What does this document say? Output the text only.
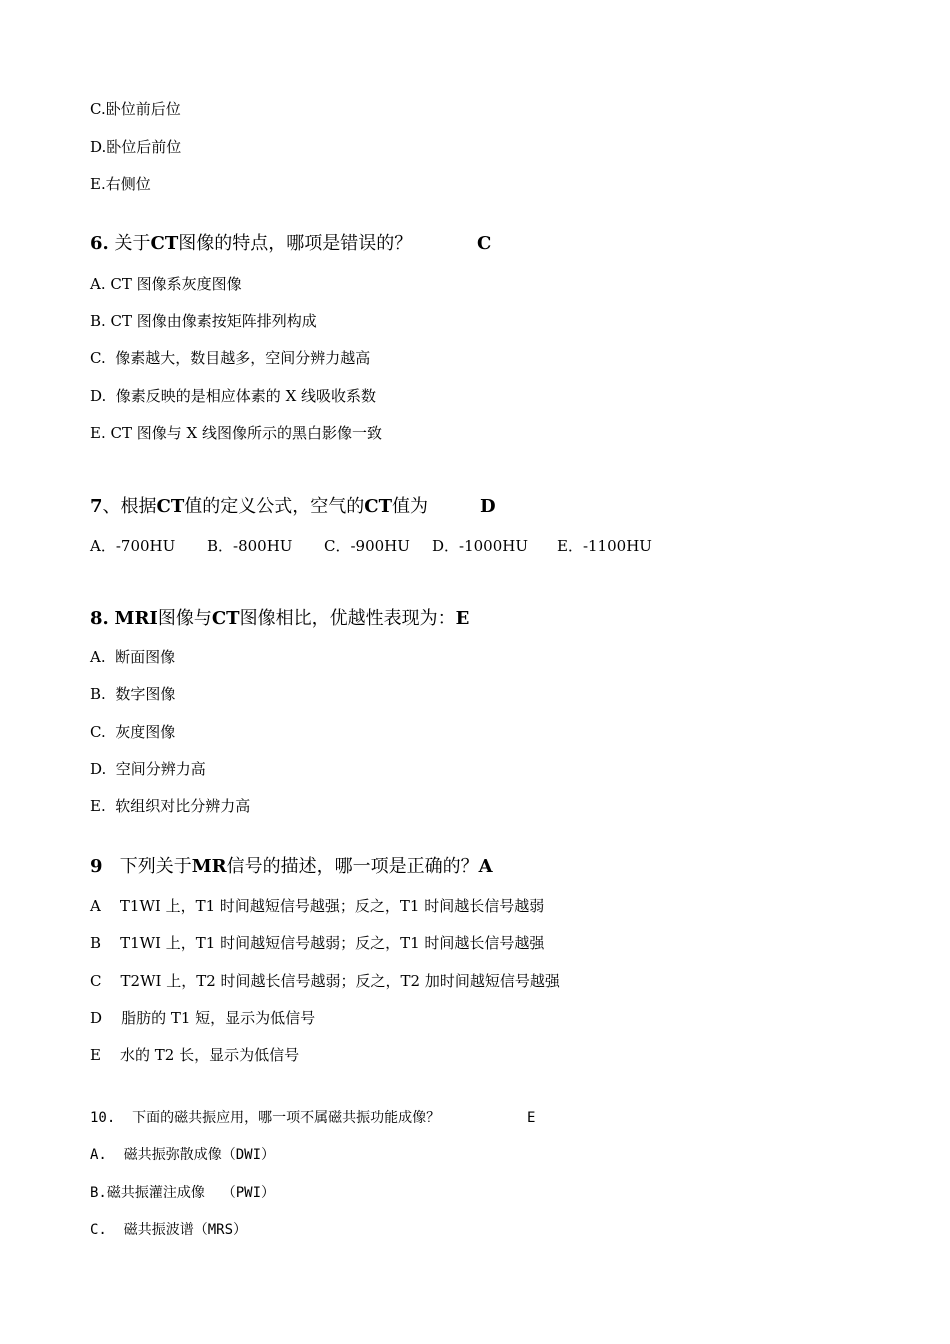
C.卧位前后位
D.卧位后前位
E.右侧位
6. 关于CT图像的特点，哪项是错误的？	C
A. CT 图像系灰度图像
B. CT 图像由像素按矩阵排列构成
C.  像素越大，数目越多，空间分辨力越高
D.  像素反映的是相应体素的 X 线吸收系数
E. CT 图像与 X 线图像所示的黑白影像一致
7、根据CT值的定义公式，空气的CT值为	D
A．-700HU B．-800HU C．-900HU D．-1000HU E．-1100HU
8. MRI图像与CT图像相比，优越性表现为：E
A.  断面图像
B.  数字图像
C.  灰度图像
D.  空间分辨力高
E.  软组织对比分辨力高
9   下列关于MR信号的描述，哪一项是正确的？A
A    T1WI 上，T1 时间越短信号越强；反之，T1 时间越长信号越弱
B    T1WI 上，T1 时间越短信号越弱；反之，T1 时间越长信号越强
C    T2WI 上，T2 时间越长信号越弱；反之，T2 加时间越短信号越强
D    脂肪的 T1 短，显示为低信号
E    水的 T2 长，显示为低信号
10.  下面的磁共振应用，哪一项不属磁共振功能成像？	E
A.  磁共振弥散成像（DWI）
B.磁共振灌注成像  （PWI）
C.  磁共振波谱（MRS）
